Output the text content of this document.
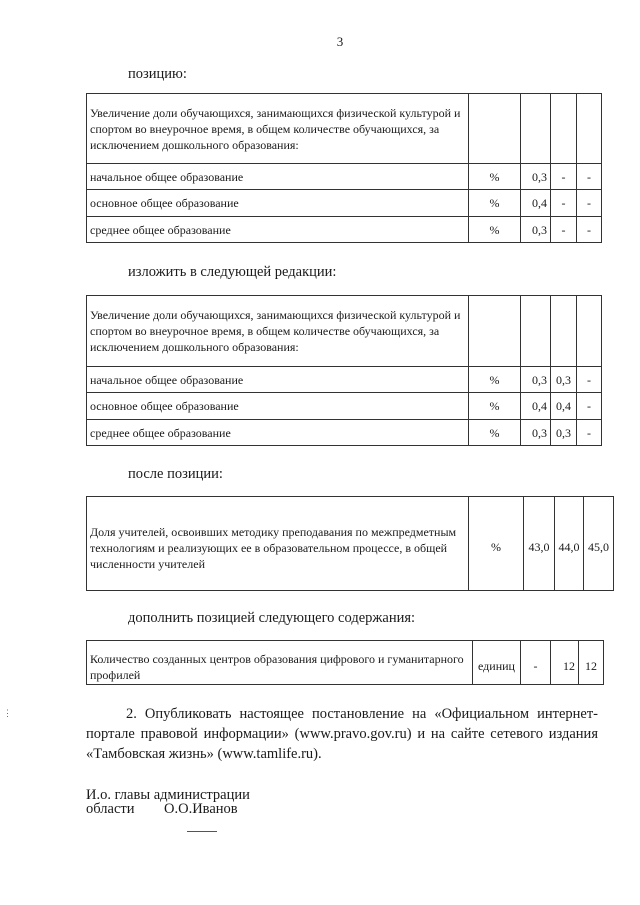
3
позицию:
Увеличение доли обучающихся, занимающихся физической культурой и спортом во внеурочное время, в общем количестве обучающихся, за исключением дошкольного образования:				
начальное общее образование	%	0,3	-	-
основное общее образование	%	0,4	-	-
среднее общее образование	%	0,3	-	-
изложить в следующей редакции:
Увеличение доли обучающихся, занимающихся физической культурой и спортом во внеурочное время, в общем количестве обучающихся, за исключением дошкольного образования:				
начальное общее образование	%	0,3	0,3	-
основное общее образование	%	0,4	0,4	-
среднее общее образование	%	0,3	0,3	-
после позиции:
Доля учителей, освоивших методику преподавания по межпредметным технологиям и реализующих ее в образовательном процессе, в общей численности учителей	%	43,0	44,0	45,0
дополнить позицией следующего содержания:
Количество созданных центров образования цифрового и гуманитарного профилей	единиц	-	12	12
⋮	2. Опубликовать настоящее постановление на «Официальном интернет-портале правовой информации» (www.pravo.gov.ru) и на сайте сетевого издания «Тамбовская жизнь» (www.tamlife.ru).
И.о. главы администрации
области О.О.Иванов
